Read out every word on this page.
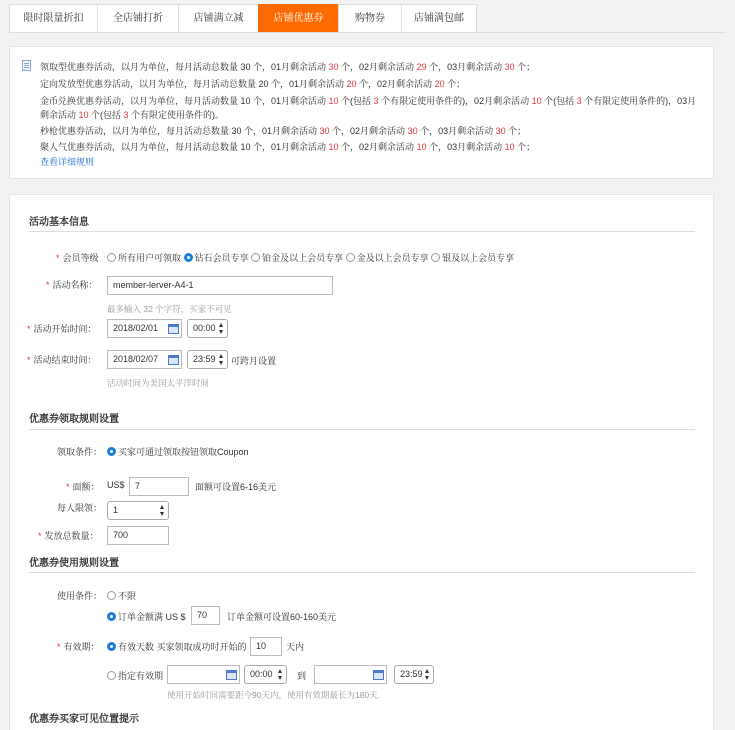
限时限量折扣	全店铺打折	店铺满立减	店铺优惠券	购物券	店铺满包邮
领取型优惠券活动，以月为单位，每月活动总数量 30 个，01月剩余活动 30 个，02月剩余活动 29 个，03月剩余活动 30 个；
定向发放型优惠券活动，以月为单位，每月活动总数量 20 个，01月剩余活动 20 个，02月剩余活动 20 个；
金币兑换优惠券活动，以月为单位，每月活动数量 10 个，01月剩余活动 10 个(包括 3 个有限定使用条件的)，02月剩余活动 10 个(包括 3 个有限定使用条件的)，03月
剩余活动 10 个(包括 3 个有限定使用条件的)。
秒枪优惠券活动，以月为单位，每月活动总数量 30 个，01月剩余活动 30 个，02月剩余活动 30 个，03月剩余活动 30 个；
聚人气优惠券活动，以月为单位，每月活动总数量 10 个，01月剩余活动 10 个，02月剩余活动 10 个，03月剩余活动 10 个；
查看详细规则
活动基本信息
* 会员等级	所有用户可领取 钻石会员专享 铂金及以上会员专享 金及以上会员专享 银及以上会员专享
* 活动名称：	member-lerver-A4-1
最多输入 32 个字符，买家不可见
* 活动开始时间：	2018/02/01	00:00
* 活动结束时间：	2018/02/07	23:59	可跨月设置
活动时间为美国太平洋时间
优惠券领取规则设置
领取条件：	买家可通过领取按钮领取Coupon
* 面额： US$	7	面额可设置6-16美元
每人限领：	1
* 发放总数量：	700
优惠券使用规则设置
使用条件：	不限
订单金额满 US $	70	订单金额可设置60-160美元
* 有效期：	有效天数 买家领取成功时开始的	10	天内
指定有效期	00:00	到	23:59
使用开始时间需要距今90天内，使用有效期最长为180天.
优惠券买家可见位置提示
